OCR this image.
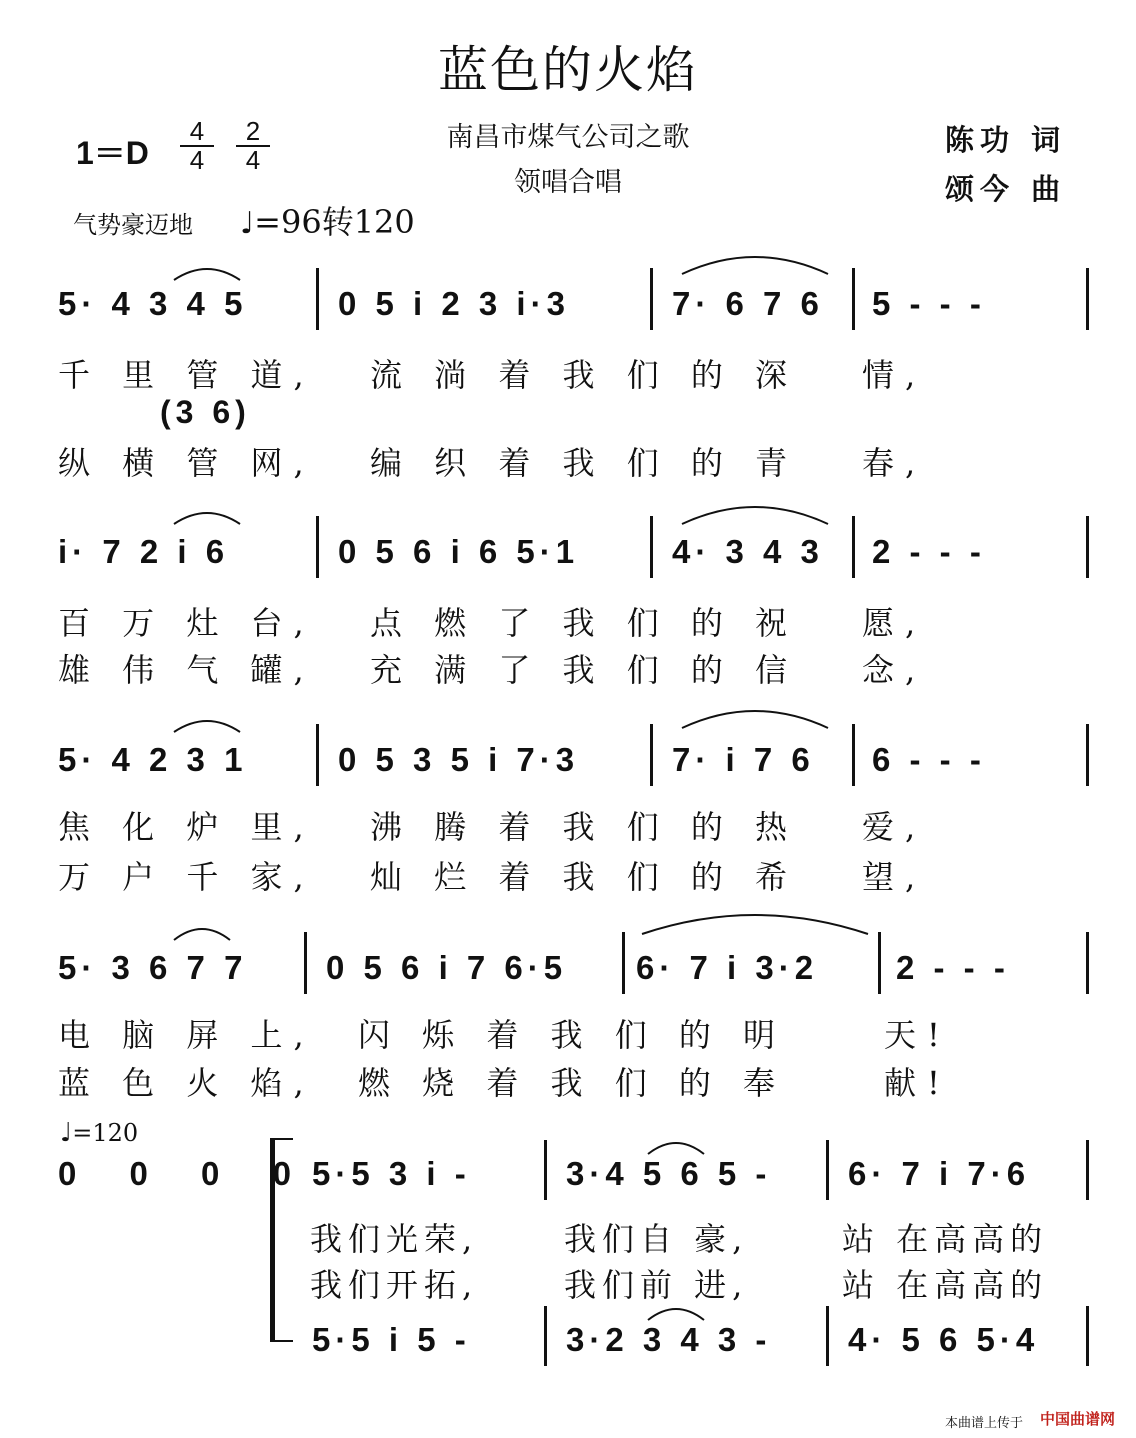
蓝色的火焰
南昌市煤气公司之歌
领唱合唱
$1=D \frac{4}{4} \frac{2}{4}$	陈功 词
颂今 曲
气势豪迈地 ♩=96转120
5· 4 3 4 5	0 5 i 2 3 i·3	7· 6 7 6 5 - - -
千 里 管 道, 流 淌 着 我 们 的 深 情,
(3 6)
纵 横 管 网, 编 织 着 我 们 的 青 春,
i· 7 2 i 6	0 5 6 i 6 5·1	4· 3 4 3 2 - - -
百 万 灶 台, 点 燃 了 我 们 的 祝 愿,
雄 伟 气 罐, 充 满 了 我 们 的 信 念,
5· 4 2 3 1	0 5 3 5 i 7·3	7· i 7 6 6 - - -
焦 化 炉 里, 沸 腾 着 我 们 的 热 爱,
万 户 千 家, 灿 烂 着 我 们 的 希 望,
5· 3 6 7 7 0 5 6 i 7 6·5 6· 7 i 3·2 2 - - -
电 脑 屏 上, 闪 烁 着 我 们 的 明	天!
蓝 色 火 焰, 燃 烧 着 我 们 的 奉	献!
♩=120
0 0 0 0 5·5 3 i -	3·4 5 6 5 - 6· 7 i 7·6
我们光荣,	我们自 豪,	站 在高高的
我们开拓,	我们前 进,	站 在高高的
5·5 i 5 -	3·2 3 4 3 - 4· 5 6 5·4
本曲谱上传于 中国曲谱网
